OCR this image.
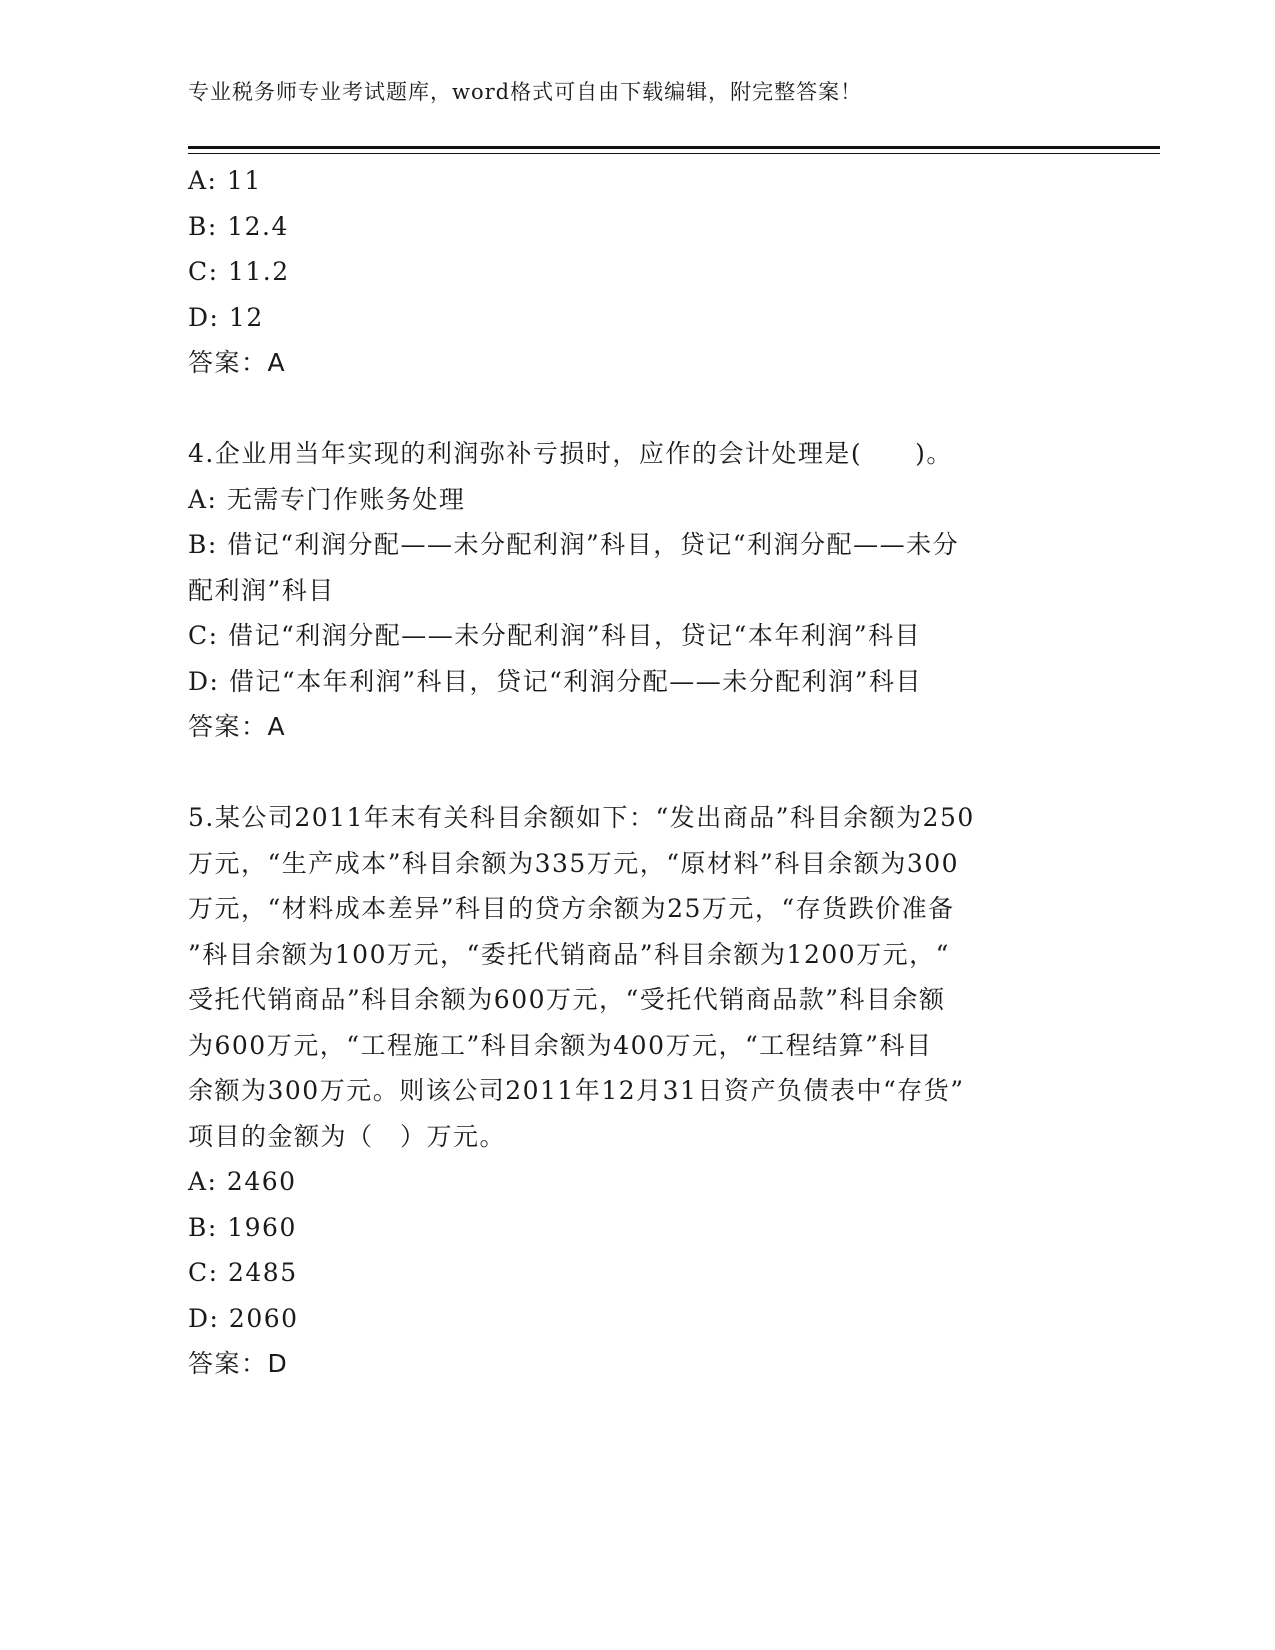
专业税务师专业考试题库，word格式可自由下载编辑，附完整答案！

A: 11

B: 12.4

C: 11.2

D: 12

答案：A

4.企业用当年实现的利润弥补亏损时，应作的会计处理是(　　)。

A: 无需专门作账务处理

B: 借记“利润分配——未分配利润”科目，贷记“利润分配——未分

配利润”科目

C: 借记“利润分配——未分配利润”科目，贷记“本年利润”科目

D: 借记“本年利润”科目，贷记“利润分配——未分配利润”科目

答案：A

5.某公司2011年末有关科目余额如下：“发出商品”科目余额为250

万元，“生产成本”科目余额为335万元，“原材料”科目余额为300

万元，“材料成本差异”科目的贷方余额为25万元，“存货跌价准备

”科目余额为100万元，“委托代销商品”科目余额为1200万元，“

受托代销商品”科目余额为600万元，“受托代销商品款”科目余额

为600万元，“工程施工”科目余额为400万元，“工程结算”科目

余额为300万元。则该公司2011年12月31日资产负债表中“存货”

项目的金额为（　）万元。

A: 2460

B: 1960

C: 2485

D: 2060

答案：D
